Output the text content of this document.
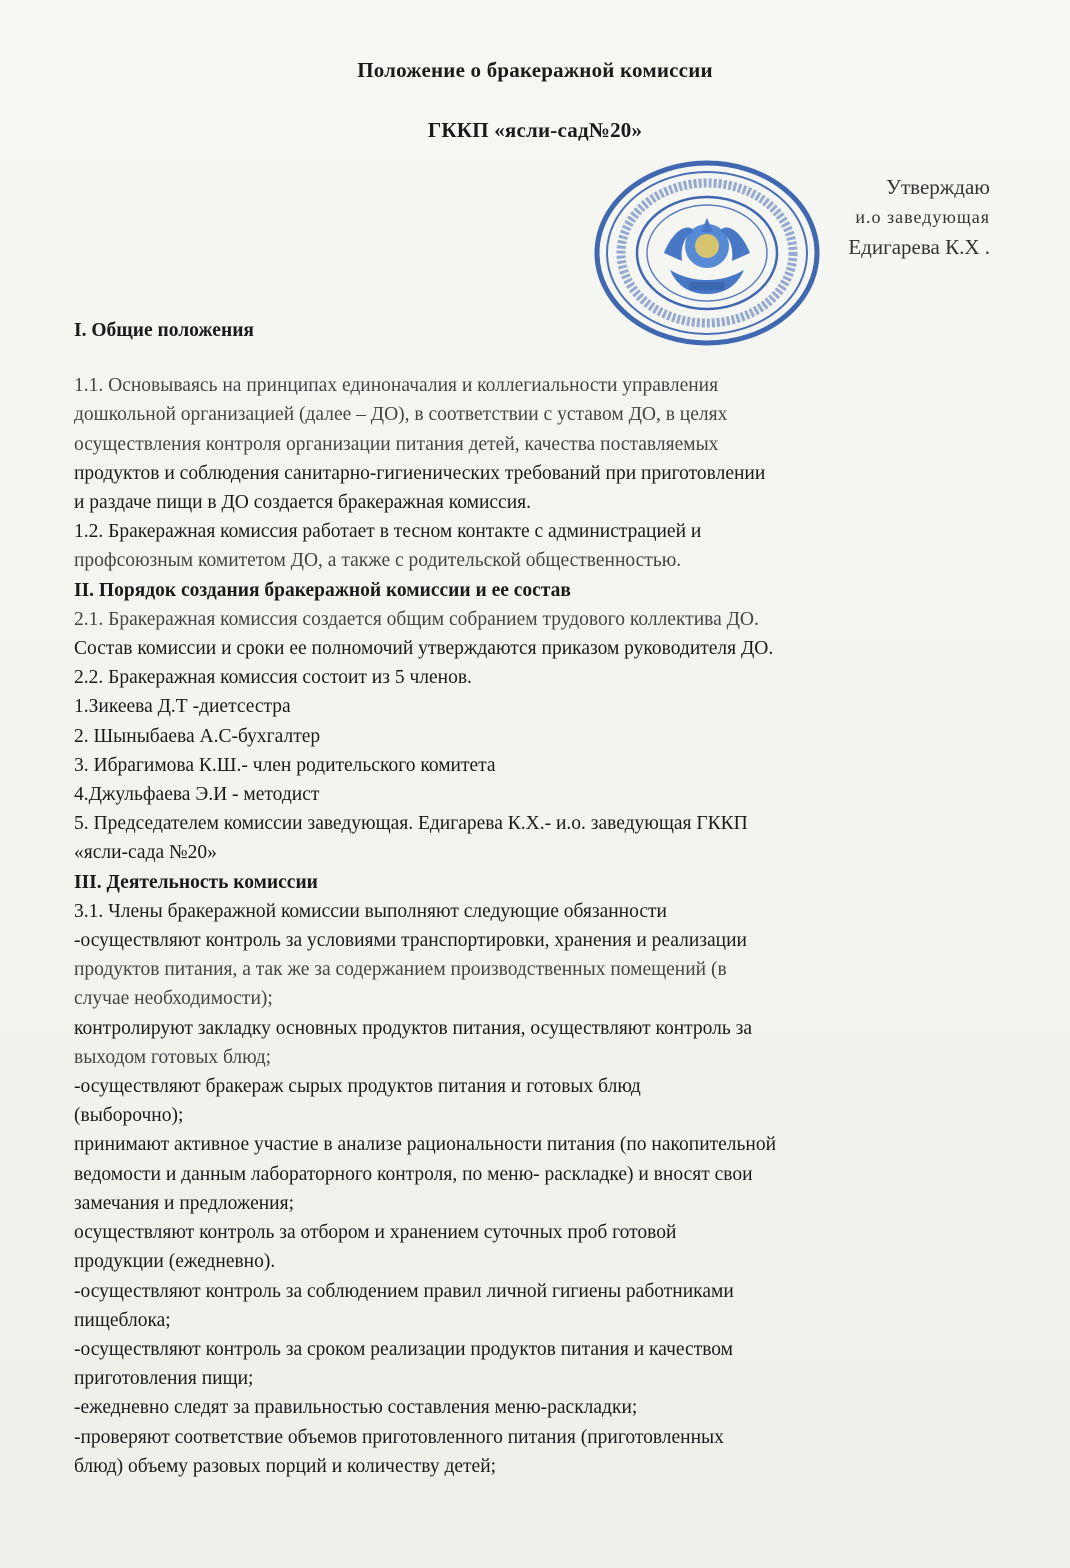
Положение о бракеражной комиссии
ГККП «ясли-сад№20»
Утверждаю
и.о заведующая
Едигарева К.Х .

I. Общие положения

1.1. Основываясь на принципах единоначалия и коллегиальности управления

дошкольной организацией (далее – ДО), в соответствии с уставом ДО, в целях

осуществления контроля организации питания детей, качества поставляемых

продуктов и соблюдения санитарно-гигиенических требований при приготовлении

и раздаче пищи в ДО создается бракеражная комиссия.

1.2. Бракеражная комиссия работает в тесном контакте с администрацией и

профсоюзным комитетом ДО, а также с родительской общественностью.

II. Порядок создания бракеражной комиссии и ее состав

2.1. Бракеражная комиссия создается общим собранием трудового коллектива ДО.

Состав комиссии и сроки ее полномочий утверждаются приказом руководителя ДО.

2.2. Бракеражная комиссия состоит из 5 членов.

1.Зикеева Д.Т -диетсестра

2. Шыныбаева А.С-бухгалтер

3. Ибрагимова К.Ш.- член родительского комитета

4.Джульфаева Э.И - методист

5. Председателем комиссии заведующая. Едигарева К.Х.- и.о. заведующая ГККП

«ясли-сада №20»

III. Деятельность комиссии

3.1. Члены бракеражной комиссии выполняют следующие обязанности

-осуществляют контроль за условиями транспортировки, хранения и реализации

продуктов питания, а так же за содержанием производственных помещений (в

случае необходимости);

контролируют закладку основных продуктов питания, осуществляют контроль за

выходом готовых блюд;

-осуществляют бракераж сырых продуктов питания и готовых блюд

(выборочно);

принимают активное участие в анализе рациональности питания (по накопительной

ведомости и данным лабораторного контроля, по меню- раскладке) и вносят свои

замечания и предложения;

осуществляют контроль за отбором и хранением суточных проб готовой

продукции (ежедневно).

-осуществляют контроль за соблюдением правил личной гигиены работниками

пищеблока;

-осуществляют контроль за сроком реализации продуктов питания и качеством

приготовления пищи;

-ежедневно следят за правильностью составления меню-раскладки;

-проверяют соответствие объемов приготовленного питания (приготовленных

блюд) объему разовых порций и количеству детей;
